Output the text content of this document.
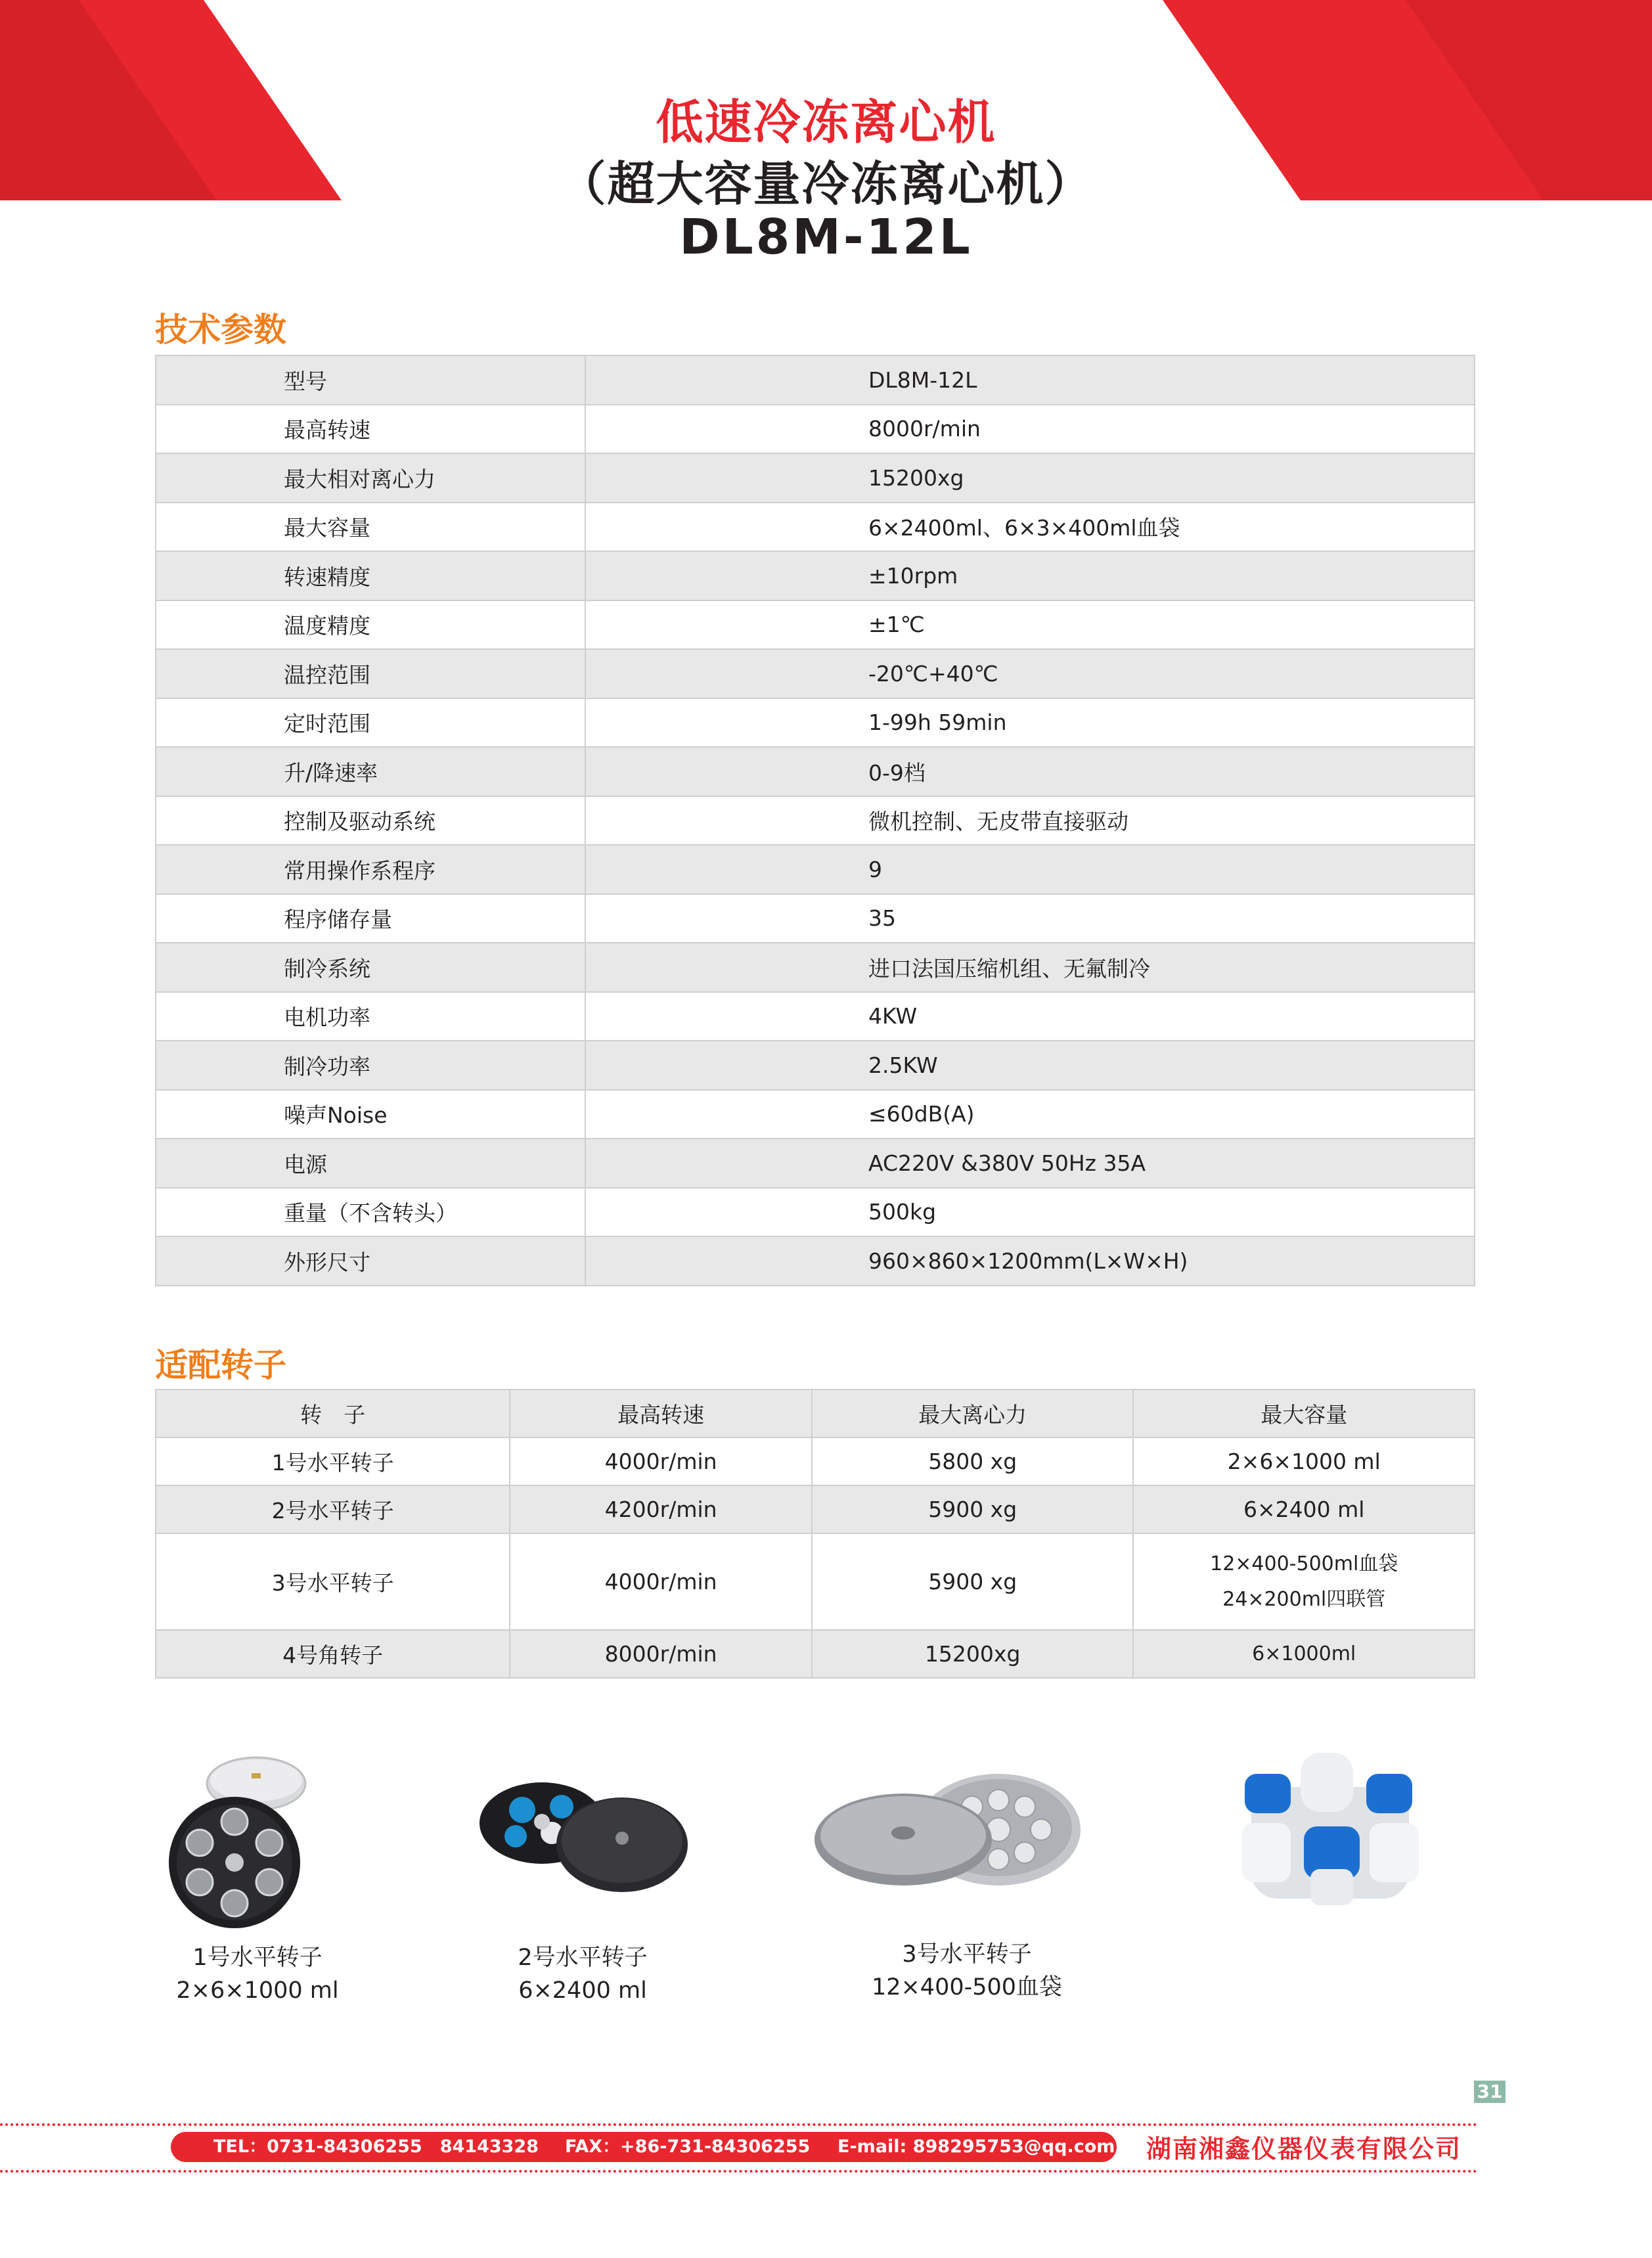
低速冷冻离心机
（超大容量冷冻离心机）
DL8M-12L
技术参数
型号	DL8M-12L
最高转速	8000r/min
最大相对离心力	15200xg
最大容量	6×2400ml、6×3×400ml血袋
转速精度	±10rpm
温度精度	±1℃
温控范围	-20℃+40℃
定时范围	1-99h 59min
升/降速率	0-9档
控制及驱动系统	微机控制、无皮带直接驱动
常用操作系程序	9
程序储存量	35
制冷系统	进口法国压缩机组、无氟制冷
电机功率	4KW
制冷功率	2.5KW
噪声Noise	≤60dB(A)
电源	AC220V &380V 50Hz 35A
重量（不含转头）	500kg
外形尺寸	960×860×1200mm(L×W×H)
适配转子
转　子	最高转速	最大离心力	最大容量
1号水平转子	4000r/min	5800 xg	2×6×1000 ml
2号水平转子	4200r/min	5900 xg	6×2400 ml
3号水平转子	4000r/min	5900 xg	12×400-500ml血袋
24×200ml四联管

4号角转子	8000r/min	15200xg	6×1000ml
1号水平转子
2×6×1000 ml
2号水平转子
6×2400 ml
3号水平转子
12×400-500血袋
31
TEL：0731-84306255　84143328 FAX：+86-731-84306255 E-mail: 898295753@qq.com 湖南湘鑫仪器仪表有限公司
